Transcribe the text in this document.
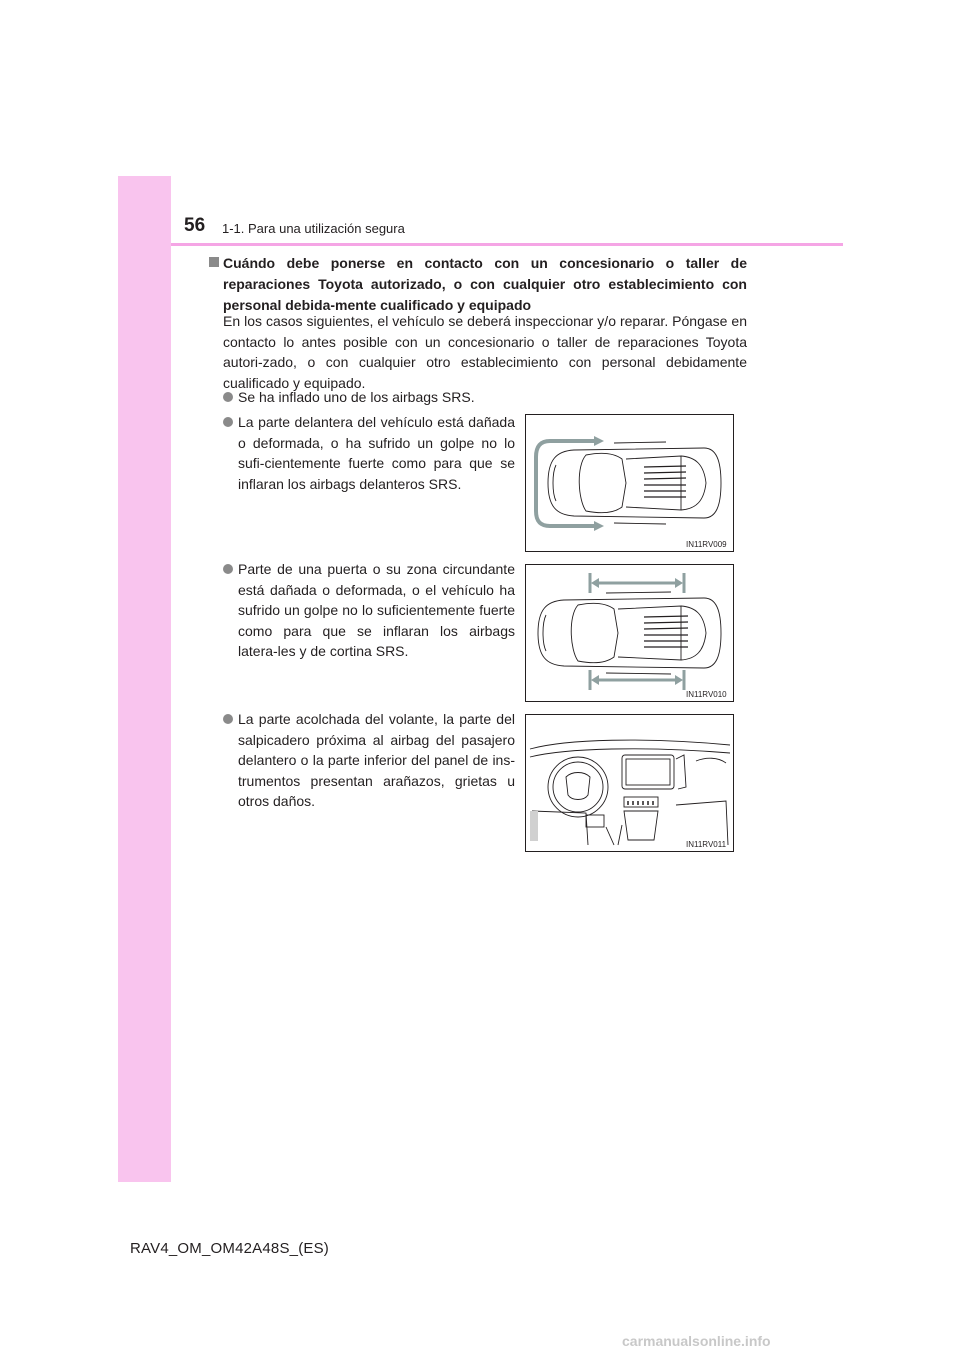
56 1-1. Para una utilización segura
Cuándo debe ponerse en contacto con un concesionario o taller de reparaciones Toyota autorizado, o con cualquier otro establecimiento con personal debida-mente cualificado y equipado
En los casos siguientes, el vehículo se deberá inspeccionar y/o reparar. Póngase en contacto lo antes posible con un concesionario o taller de reparaciones Toyota autori-zado, o con cualquier otro establecimiento con personal debidamente cualificado y equipado.
Se ha inflado uno de los airbags SRS.
La parte delantera del vehículo está dañada o deformada, o ha sufrido un golpe no lo sufi-cientemente fuerte como para que se inflaran los airbags delanteros SRS.
Parte de una puerta o su zona circundante está dañada o deformada, o el vehículo ha sufrido un golpe no lo suficientemente fuerte como para que se inflaran los airbags latera-les y de cortina SRS.
La parte acolchada del volante, la parte del salpicadero próxima al airbag del pasajero delantero o la parte inferior del panel de ins-trumentos presentan arañazos, grietas u otros daños.
IN11RV009
IN11RV010
IN11RV011
RAV4_OM_OM42A48S_(ES)
carmanualsonline.info
